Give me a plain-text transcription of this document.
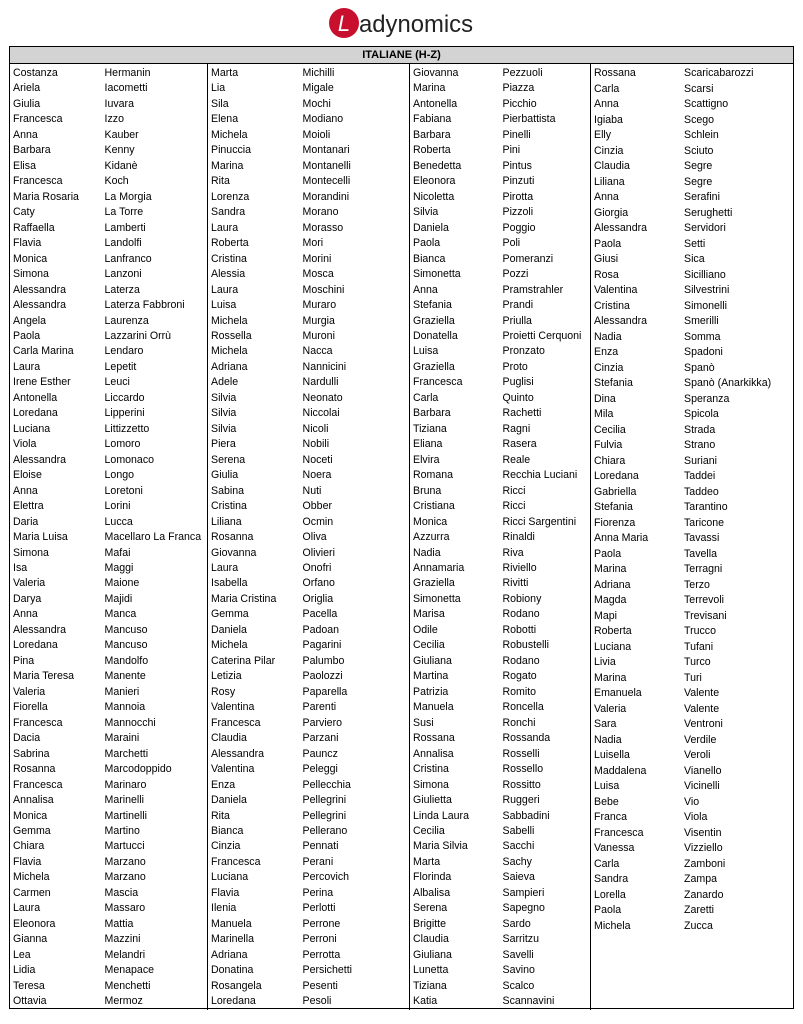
L adynomics
ITALIANE (H-Z)
Costanza
Ariela
Giulia
Francesca
Anna
Barbara
Elisa
Francesca
Maria Rosaria
Caty
Raffaella
Flavia
Monica
Simona
Alessandra
Alessandra
Angela
Paola
Carla Marina
Laura
Irene Esther
Antonella
Loredana
Luciana
Viola
Alessandra
Eloise
Anna
Elettra
Daria
Maria Luisa
Simona
Isa
Valeria
Darya
Anna
Alessandra
Loredana
Pina
Maria Teresa
Valeria
Fiorella
Francesca
Dacia
Sabrina
Rosanna
Francesca
Annalisa
Monica
Gemma
Chiara
Flavia
Michela
Carmen
Laura
Eleonora
Gianna
Lea
Lidia
Teresa
Ottavia
Hermanin
Iacometti
Iuvara
Izzo
Kauber
Kenny
Kidanè
Koch
La Morgia
La Torre
Lamberti
Landolfi
Lanfranco
Lanzoni
Laterza
Laterza Fabbroni
Laurenza
Lazzarini Orrù
Lendaro
Lepetit
Leuci
Liccardo
Lipperini
Littizzetto
Lomoro
Lomonaco
Longo
Loretoni
Lorini
Lucca
Macellaro La Franca
Mafai
Maggi
Maione
Majidi
Manca
Mancuso
Mancuso
Mandolfo
Manente
Manieri
Mannoia
Mannocchi
Maraini
Marchetti
Marcodoppido
Marinaro
Marinelli
Martinelli
Martino
Martucci
Marzano
Marzano
Mascia
Massaro
Mattia
Mazzini
Melandri
Menapace
Menchetti
Mermoz
Marta
Lia
Sila
Elena
Michela
Pinuccia
Marina
Rita
Lorenza
Sandra
Laura
Roberta
Cristina
Alessia
Laura
Luisa
Michela
Rossella
Michela
Adriana
Adele
Silvia
Silvia
Silvia
Piera
Serena
Giulia
Sabina
Cristina
Liliana
Rosanna
Giovanna
Laura
Isabella
Maria Cristina
Gemma
Daniela
Michela
Caterina Pilar
Letizia
Rosy
Valentina
Francesca
Claudia
Alessandra
Valentina
Enza
Daniela
Rita
Bianca
Cinzia
Francesca
Luciana
Flavia
Ilenia
Manuela
Marinella
Adriana
Donatina
Rosangela
Loredana
Michilli
Migale
Mochi
Modiano
Moioli
Montanari
Montanelli
Montecelli
Morandini
Morano
Morasso
Mori
Morini
Mosca
Moschini
Muraro
Murgia
Muroni
Nacca
Nannicini
Nardulli
Neonato
Niccolai
Nicoli
Nobili
Noceti
Noera
Nuti
Obber
Ocmin
Oliva
Olivieri
Onofri
Orfano
Origlia
Pacella
Padoan
Pagarini
Palumbo
Paolozzi
Paparella
Parenti
Parviero
Parzani
Pauncz
Peleggi
Pellecchia
Pellegrini
Pellegrini
Pellerano
Pennati
Perani
Percovich
Perina
Perlotti
Perrone
Perroni
Perrotta
Persichetti
Pesenti
Pesoli
Giovanna
Marina
Antonella
Fabiana
Barbara
Roberta
Benedetta
Eleonora
Nicoletta
Silvia
Daniela
Paola
Bianca
Simonetta
Anna
Stefania
Graziella
Donatella
Luisa
Graziella
Francesca
Carla
Barbara
Tiziana
Eliana
Elvira
Romana
Bruna
Cristiana
Monica
Azzurra
Nadia
Annamaria
Graziella
Simonetta
Marisa
Odile
Cecilia
Giuliana
Martina
Patrizia
Manuela
Susi
Rossana
Annalisa
Cristina
Simona
Giulietta
Linda Laura
Cecilia
Maria Silvia
Marta
Florinda
Albalisa
Serena
Brigitte
Claudia
Giuliana
Lunetta
Tiziana
Katia
Pezzuoli
Piazza
Picchio
Pierbattista
Pinelli
Pini
Pintus
Pinzuti
Pirotta
Pizzoli
Poggio
Poli
Pomeranzi
Pozzi
Pramstrahler
Prandi
Priulla
Proietti Cerquoni
Pronzato
Proto
Puglisi
Quinto
Rachetti
Ragni
Rasera
Reale
Recchia Luciani
Ricci
Ricci
Ricci Sargentini
Rinaldi
Riva
Riviello
Rivitti
Robiony
Rodano
Robotti
Robustelli
Rodano
Rogato
Romito
Roncella
Ronchi
Rossanda
Rosselli
Rossello
Rossitto
Ruggeri
Sabbadini
Sabelli
Sacchi
Sachy
Saieva
Sampieri
Sapegno
Sardo
Sarritzu
Savelli
Savino
Scalco
Scannavini
Rossana
Carla
Anna
Igiaba
Elly
Cinzia
Claudia
Liliana
Anna
Giorgia
Alessandra
Paola
Giusi
Rosa
Valentina
Cristina
Alessandra
Nadia
Enza
Cinzia
Stefania
Dina
Mila
Cecilia
Fulvia
Chiara
Loredana
Gabriella
Stefania
Fiorenza
Anna Maria
Paola
Marina
Adriana
Magda
Mapi
Roberta
Luciana
Livia
Marina
Emanuela
Valeria
Sara
Nadia
Luisella
Maddalena
Luisa
Bebe
Franca
Francesca
Vanessa
Carla
Sandra
Lorella
Paola
Michela
Scaricabarozzi
Scarsi
Scattigno
Scego
Schlein
Sciuto
Segre
Segre
Serafini
Serughetti
Servidori
Setti
Sica
Sicilliano
Silvestrini
Simonelli
Smerilli
Somma
Spadoni
Spanò
Spanò (Anarkikka)
Speranza
Spicola
Strada
Strano
Suriani
Taddei
Taddeo
Tarantino
Taricone
Tavassi
Tavella
Terragni
Terzo
Terrevoli
Trevisani
Trucco
Tufani
Turco
Turi
Valente
Valente
Ventroni
Verdile
Veroli
Vianello
Vicinelli
Vio
Viola
Visentin
Vizziello
Zamboni
Zampa
Zanardo
Zaretti
Zucca
